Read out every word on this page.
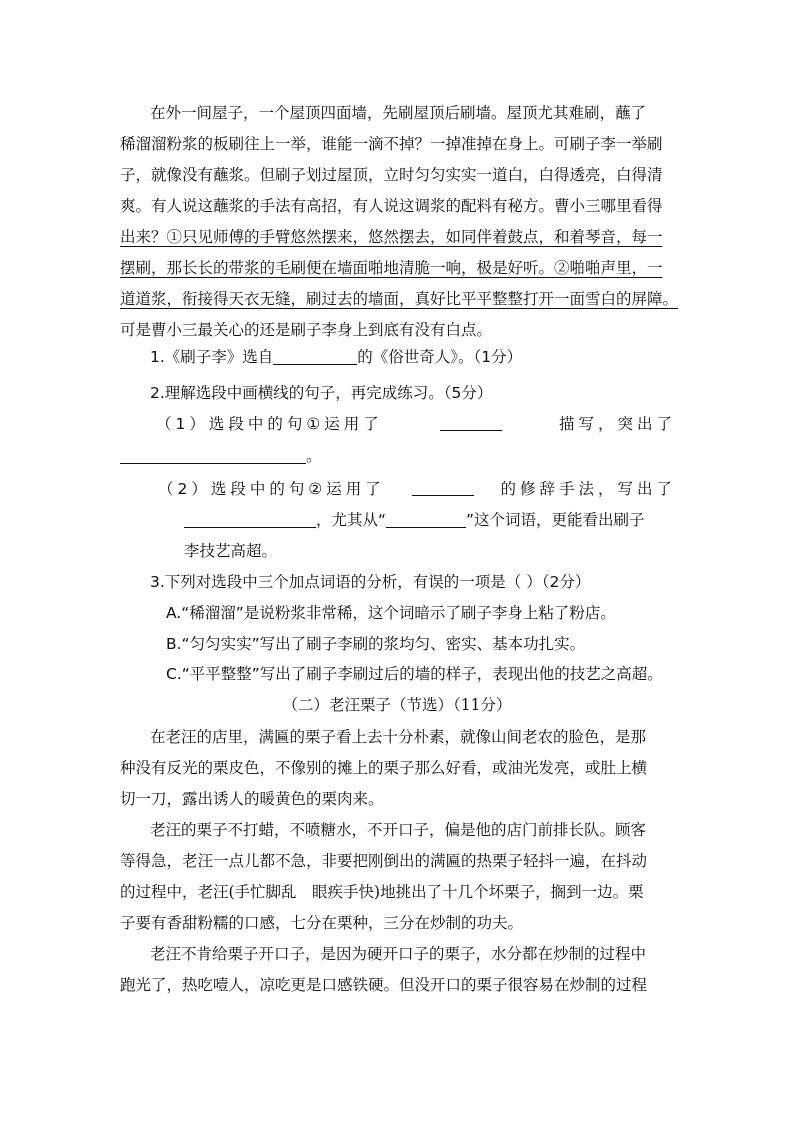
在外一间屋子，一个屋顶四面墙，先刷屋顶后刷墙。屋顶尤其难刷，蘸了
稀溜溜粉浆的板刷往上一举，谁能一滴不掉？一掉准掉在身上。可刷子李一举刷
子，就像没有蘸浆。但刷子划过屋顶，立时匀匀实实一道白，白得透亮，白得清
爽。有人说这蘸浆的手法有高招，有人说这调浆的配料有秘方。曹小三哪里看得
出来？①只见师傅的手臂悠然摆来，悠然摆去，如同伴着鼓点，和着琴音，每一
摆刷，那长长的带浆的毛刷便在墙面啪地清脆一响，极是好听。②啪啪声里，一
道道浆，衔接得天衣无缝，刷过去的墙面，真好比平平整整打开一面雪白的屏障。
可是曹小三最关心的还是刷子李身上到底有没有白点。
1.《刷子李》选自	的《俗世奇人》。（1分）
2.理解选段中画横线的句子，再完成练习。（5分）
（1）选段中的句①运用了	描写，突出了
。
（2）选段中的句②运用了	的修辞手法，写出了
，尤其从“	”这个词语，更能看出刷子
李技艺高超。
3.下列对选段中三个加点词语的分析，有误的一项是（ ）（2分）
A.“稀溜溜”是说粉浆非常稀，这个词暗示了刷子李身上粘了粉店。
B.“匀匀实实”写出了刷子李刷的浆均匀、密实、基本功扎实。
C.“平平整整”写出了刷子李刷过后的墙的样子，表现出他的技艺之高超。
（二）老汪栗子（节选）（11分）
在老汪的店里，满匾的栗子看上去十分朴素，就像山间老农的脸色，是那
种没有反光的栗皮色，不像别的摊上的栗子那么好看，或油光发亮，或肚上横
切一刀，露出诱人的暖黄色的栗肉来。
老汪的栗子不打蜡，不喷糖水，不开口子，偏是他的店门前排长队。顾客
等得急，老汪一点儿都不急，非要把刚倒出的满匾的热栗子轻抖一遍，在抖动
的过程中，老汪(手忙脚乱　眼疾手快)地挑出了十几个坏栗子，搁到一边。栗
子要有香甜粉糯的口感，七分在栗种，三分在炒制的功夫。
老汪不肯给栗子开口子，是因为硬开口子的栗子，水分都在炒制的过程中
跑光了，热吃噎人，凉吃更是口感铁硬。但没开口的栗子很容易在炒制的过程
